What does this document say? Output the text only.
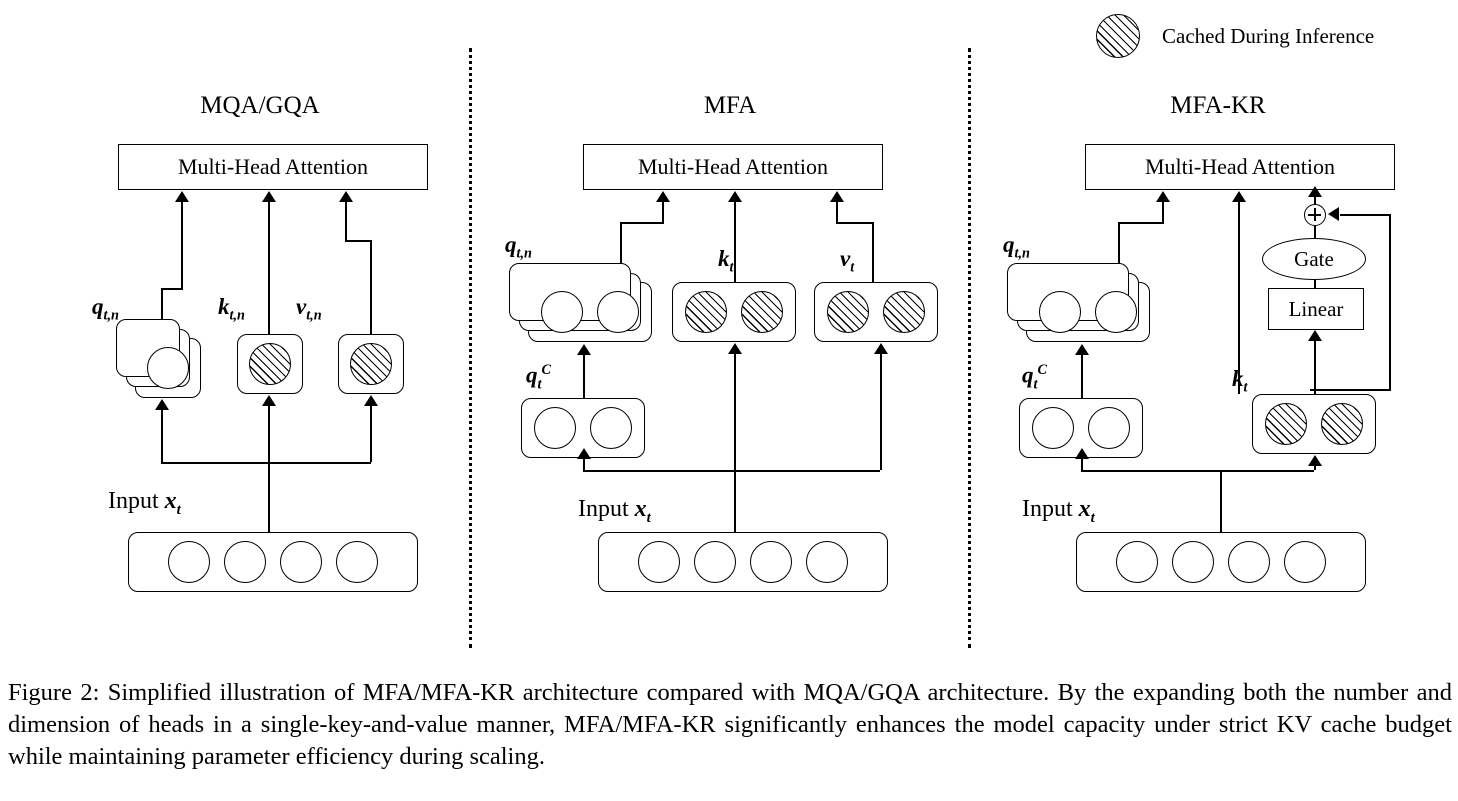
Cached During Inference
MQA/GQA
Multi-Head Attention
$q_{t,n}$	$k_{t,n}$ $v_{t,n}$
Input $x_t$
MFA
Multi-Head Attention
$q_{t,n}$	$k_t$	$v_t$
$q_t^C$
Input $x_t$
MFA-KR
Multi-Head Attention
Gate
Linear
$q_{t,n}$
$k_t$
$q_t^C$
Input $x_t$
Figure 2: Simplified illustration of MFA/MFA-KR architecture compared with MQA/GQA architecture. By the expanding both the number and dimension of heads in a single-key-and-value manner, MFA/MFA-KR significantly enhances the model capacity under strict KV cache budget while maintaining parameter efficiency during scaling.
